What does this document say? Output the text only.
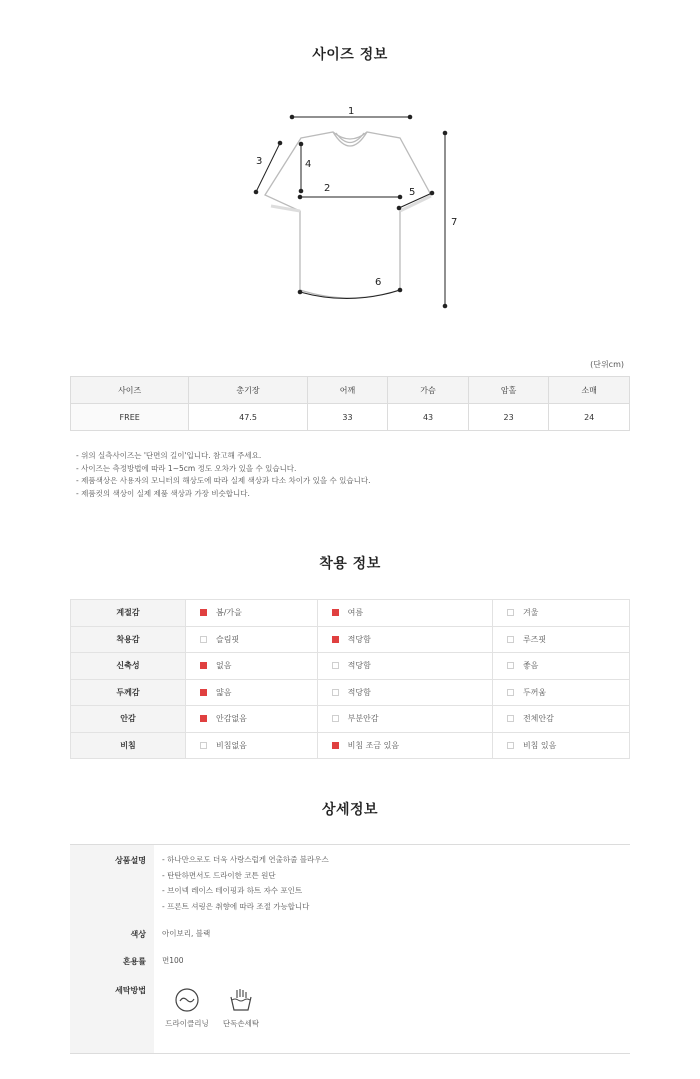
사이즈 정보
1
2
3	4
5
6
7
(단위cm)
사이즈	총기장	어깨	가슴	암홀	소매
FREE	47.5	33	43	23	24
- 위의 실측사이즈는 '단면의 길이'입니다. 참고해 주세요.
- 사이즈는 측정방법에 따라 1~5cm 정도 오차가 있을 수 있습니다.
- 제품색상은 사용자의 모니터의 해상도에 따라 실제 색상과 다소 차이가 있을 수 있습니다.
- 제품컷의 색상이 실제 제품 색상과 가장 비슷합니다.
착용 정보
계절감	봄/가을	여름	겨울
착용감	슬림핏	적당함	루즈핏
신축성	없음	적당함	좋음
두께감	얇음	적당함	두꺼움
안감	안감없음	부분안감	전체안감
비침	비침없음	비침 조금 있음	비침 있음
상세정보
상품설명 - 하나만으로도 더욱 사랑스럽게 연출하줄 블라우스
- 탄탄하면서도 드라이한 코튼 원단
- 브이넥 레이스 테이핑과 하트 자수 포인트
- 프론트 셔링은 취향에 따라 조절 가능합니다
색상 아이보리, 블랙
혼용률 면100
세탁방법
드라이클리닝	단독손세탁
